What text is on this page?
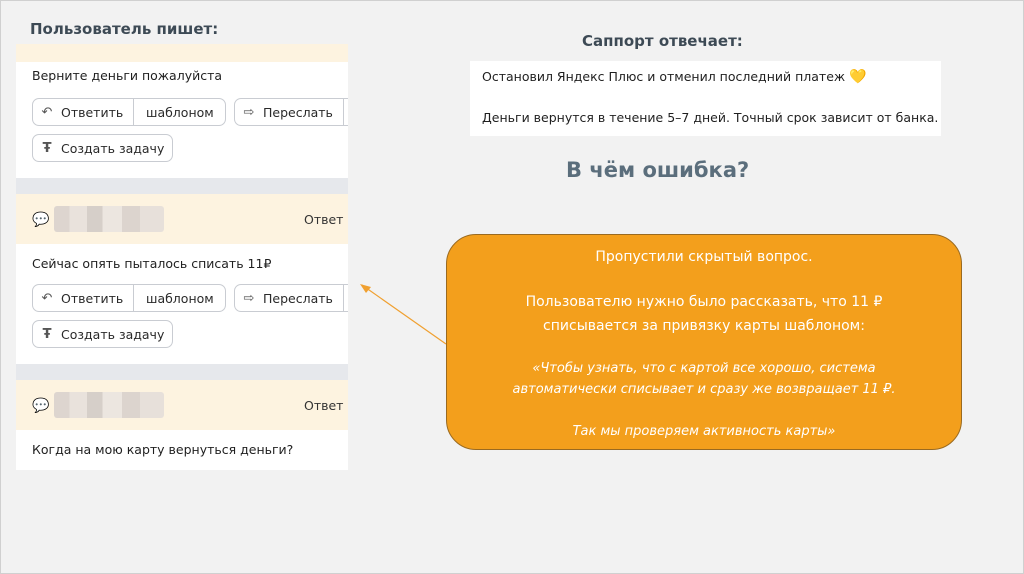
Пользователь пишет:
Верните деньги пожалуйста
↶ Ответить шаблоном ⇨ Переслать
Ŧ Создать задачу
💬	Ответ
Сейчас опять пыталось списать 11₽
↶ Ответить шаблоном ⇨ Переслать
Ŧ Создать задачу
💬	Ответ
Когда на мою карту вернуться деньги?
Саппорт отвечает:
Остановил Яндекс Плюс и отменил последний платеж 💛
Деньги вернутся в течение 5–7 дней. Точный срок зависит от банка.
В чём ошибка?
Пропустили скрытый вопрос.
Пользователю нужно было рассказать, что 11 ₽
списывается за привязку карты шаблоном:
«Чтобы узнать, что с картой все хорошо, система
автоматически списывает и сразу же возвращает 11 ₽.
Так мы проверяем активность карты»
